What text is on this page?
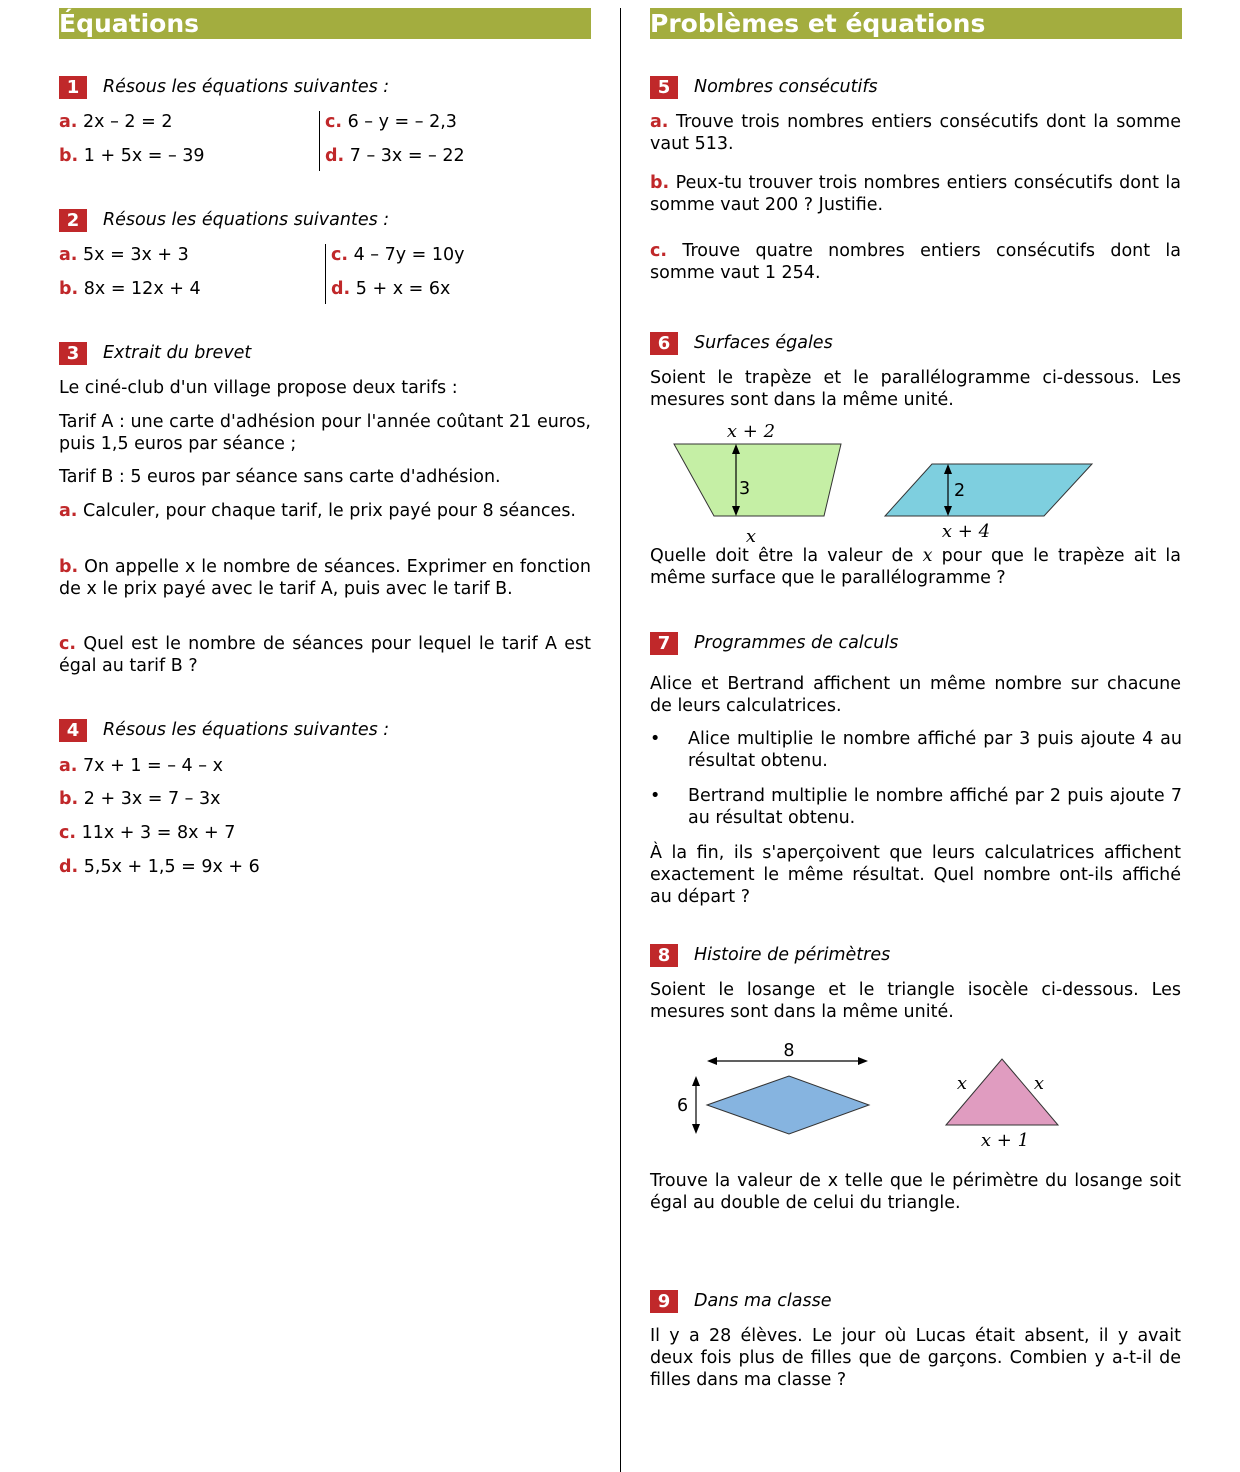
Équations
1	Résous les équations suivantes :
a. 2x – 2 = 2
b. 1 + 5x = – 39
c. 6 – y = – 2,3
d. 7 – 3x = – 22
2	Résous les équations suivantes :
a. 5x = 3x + 3
b. 8x = 12x + 4
c. 4 – 7y = 10y
d. 5 + x = 6x
3	Extrait du brevet
Le ciné-club d'un village propose deux tarifs :
Tarif A : une carte d'adhésion pour l'année coûtant 21 euros, puis 1,5 euros par séance ;
Tarif B : 5 euros par séance sans carte d'adhésion.
a. Calculer, pour chaque tarif, le prix payé pour 8 séances.
b. On appelle x le nombre de séances. Exprimer en fonction de x le prix payé avec le tarif A, puis avec le tarif B.
c. Quel est le nombre de séances pour lequel le tarif A est égal au tarif B ?
4	Résous les équations suivantes :
a. 7x + 1 = – 4 – x
b. 2 + 3x = 7 – 3x
c. 11x + 3 = 8x + 7
d. 5,5x + 1,5 = 9x + 6
Problèmes et équations
5	Nombres consécutifs
a. Trouve trois nombres entiers consécutifs dont la somme vaut 513.
b. Peux-tu trouver trois nombres entiers consécutifs dont la somme vaut 200 ? Justifie.
c. Trouve quatre nombres entiers consécutifs dont la somme vaut 1 254.
6	Surfaces égales
Soient le trapèze et le parallélogramme ci-dessous. Les mesures sont dans la même unité.
3
x + 2
x
2
x + 4
Quelle doit être la valeur de x pour que le trapèze ait la même surface que le parallélogramme ?
7	Programmes de calculs
Alice et Bertrand affichent un même nombre sur chacune de leurs calculatrices.
• Alice multiplie le nombre affiché par 3 puis ajoute 4 au résultat obtenu.
• Bertrand multiplie le nombre affiché par 2 puis ajoute 7 au résultat obtenu.
À la fin, ils s'aperçoivent que leurs calculatrices affichent exactement le même résultat. Quel nombre ont-ils affiché au départ ?
8	Histoire de périmètres
Soient le losange et le triangle isocèle ci-dessous. Les mesures sont dans la même unité.
8
6
x	x
x + 1
Trouve la valeur de x telle que le périmètre du losange soit égal au double de celui du triangle.
9	Dans ma classe
Il y a 28 élèves. Le jour où Lucas était absent, il y avait deux fois plus de filles que de garçons. Combien y a-t-il de filles dans ma classe ?
